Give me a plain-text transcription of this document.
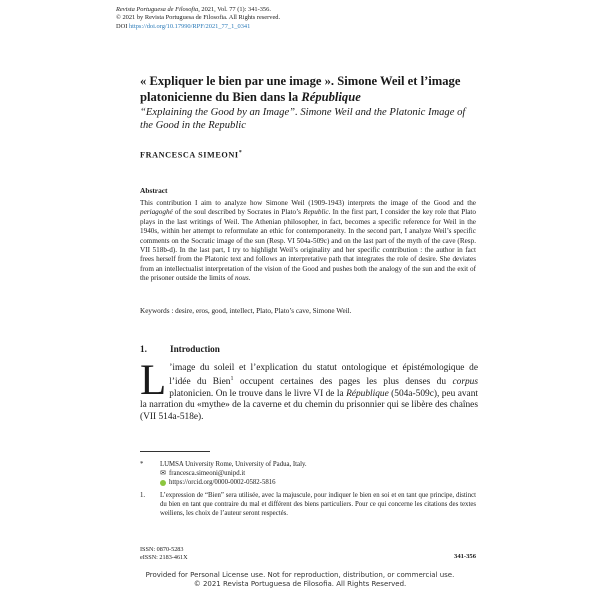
Revista Portuguesa de Filosofia, 2021, Vol. 77 (1): 341-356.
© 2021 by Revista Portuguesa de Filosofia. All Rights reserved.
DOI https://doi.org/10.17990/RPF/2021_77_1_0341
« Expliquer le bien par une image ». Simone Weil et l’image platonicienne du Bien dans la République
“Explaining the Good by an Image”. Simone Weil and the Platonic Image of the Good in the Republic
FRANCESCA SIMEONI*
Abstract
This contribution I aim to analyze how Simone Weil (1909-1943) interprets the image of the Good and the periagoghé of the soul described by Socrates in Plato’s Republic. In the first part, I consider the key role that Plato plays in the last writings of Weil. The Athenian philosopher, in fact, becomes a specific reference for Weil in the 1940s, within her attempt to reformulate an ethic for contemporaneity. In the second part, I analyze Weil’s specific comments on the Socratic image of the sun (Resp. VI 504a-509c) and on the last part of the myth of the cave (Resp. VII 518b-d). In the last part, I try to highlight Weil’s originality and her specific contribution : the author in fact frees herself from the Platonic text and follows an interpretative path that integrates the role of desire. She deviates from an intellectualist interpretation of the vision of the Good and pushes both the analogy of the sun and the exit of the prisoner outside the limits of nous.
Keywords : desire, eros, good, intellect, Plato, Plato’s cave, Simone Weil.
1.	Introduction
L ’image du soleil et l’explication du statut ontologique et épistémologique de l’idée du Bien$^1$ occupent certaines des pages les plus denses du corpus platonicien. On le trouve dans le livre VI de la République (504a-509c), peu avant la narration du «mythe» de la caverne et du chemin du prisonnier qui se libère des chaînes (VII 514a-518e).
* LUMSA University Rome, University of Padua, Italy.
✉ francesca.simeoni@unipd.it
https://orcid.org/0000-0002-0582-5816
1. L’expression de “Bien” sera utilisée, avec la majuscule, pour indiquer le bien en soi et en tant que principe, distinct du bien en tant que contraire du mal et différent des biens particuliers. Pour ce qui concerne les citations des textes weiliens, les choix de l’auteur seront respectés.
ISSN: 0870-5283
eISSN: 2183-461X	341-356
Provided for Personal License use. Not for reproduction, distribution, or commercial use.
© 2021 Revista Portuguesa de Filosofia. All Rights Reserved.
